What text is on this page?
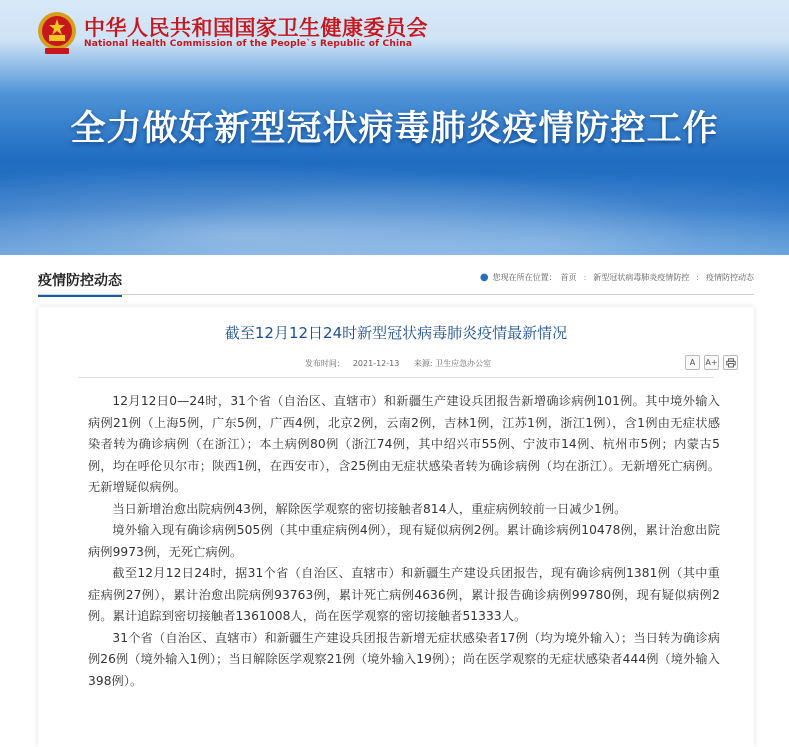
中华人民共和国国家卫生健康委员会
National Health Commission of the People`s Republic of China
全力做好新型冠状病毒肺炎疫情防控工作
疫情防控动态	● 您现在所在位置： 首页 : 新型冠状病毒肺炎疫情防控 : 疫情防控动态
截至12月12日24时新型冠状病毒肺炎疫情最新情况
发布时间： 2021-12-13 来源: 卫生应急办公室	A	A+

12月12日0—24时，31个省（自治区、直辖市）和新疆生产建设兵团报告新增确诊病例101例。其中境外输入病例21例（上海5例，广东5例，广西4例，北京2例，云南2例，吉林1例，江苏1例，浙江1例），含1例由无症状感染者转为确诊病例（在浙江）；本土病例80例（浙江74例，其中绍兴市55例、宁波市14例、杭州市5例；内蒙古5例，均在呼伦贝尔市；陕西1例，在西安市），含25例由无症状感染者转为确诊病例（均在浙江）。无新增死亡病例。无新增疑似病例。

当日新增治愈出院病例43例，解除医学观察的密切接触者814人，重症病例较前一日减少1例。

境外输入现有确诊病例505例（其中重症病例4例），现有疑似病例2例。累计确诊病例10478例，累计治愈出院病例9973例，无死亡病例。

截至12月12日24时，据31个省（自治区、直辖市）和新疆生产建设兵团报告，现有确诊病例1381例（其中重症病例27例），累计治愈出院病例93763例，累计死亡病例4636例，累计报告确诊病例99780例，现有疑似病例2例。累计追踪到密切接触者1361008人，尚在医学观察的密切接触者51333人。

31个省（自治区、直辖市）和新疆生产建设兵团报告新增无症状感染者17例（均为境外输入）；当日转为确诊病例26例（境外输入1例）；当日解除医学观察21例（境外输入19例）；尚在医学观察的无症状感染者444例（境外输入398例）。
